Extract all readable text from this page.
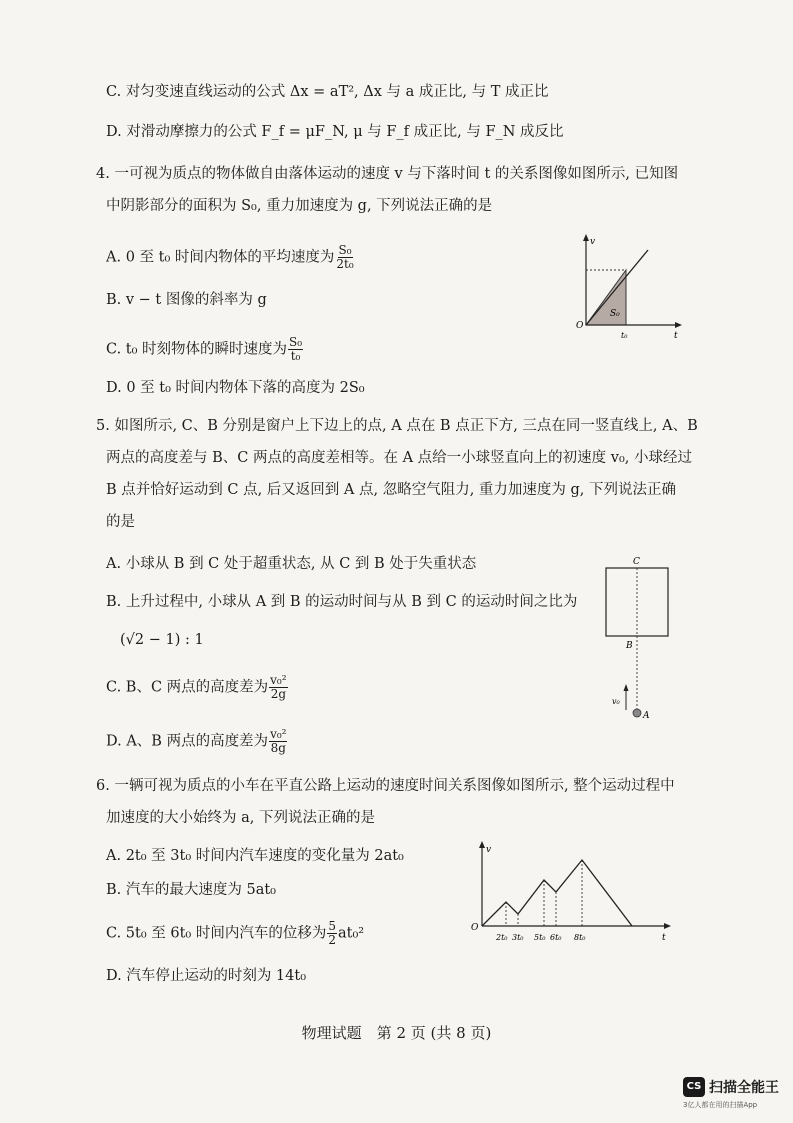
C. 对匀变速直线运动的公式 Δx = aT², Δx 与 a 成正比, 与 T 成正比
D. 对滑动摩擦力的公式 F_f = μF_N, μ 与 F_f 成正比, 与 F_N 成反比
4. 一可视为质点的物体做自由落体运动的速度 v 与下落时间 t 的关系图像如图所示, 已知图
中阴影部分的面积为 S₀, 重力加速度为 g, 下列说法正确的是
A. 0 至 t₀ 时间内物体的平均速度为 $\frac{\text{S₀}}{\text{2t₀}}$
B. v − t 图像的斜率为 g
C. t₀ 时刻物体的瞬时速度为 $\frac{\text{S₀}}{\text{t₀}}$
D. 0 至 t₀ 时间内物体下落的高度为 2S₀
v
t
O
S₀
t₀
5. 如图所示, C、B 分别是窗户上下边上的点, A 点在 B 点正下方, 三点在同一竖直线上, A、B
两点的高度差与 B、C 两点的高度差相等。在 A 点给一小球竖直向上的初速度 v₀, 小球经过
B 点并恰好运动到 C 点, 后又返回到 A 点, 忽略空气阻力, 重力加速度为 g, 下列说法正确
的是
A. 小球从 B 到 C 处于超重状态, 从 C 到 B 处于失重状态
B. 上升过程中, 小球从 A 到 B 的运动时间与从 B 到 C 的运动时间之比为
(√2 − 1) : 1
C. B、C 两点的高度差为 $\frac{\text{v₀²}}{2g}$
D. A、B 两点的高度差为 $\frac{\text{v₀²}}{8g}$
C
B
A
v₀
6. 一辆可视为质点的小车在平直公路上运动的速度时间关系图像如图所示, 整个运动过程中
加速度的大小始终为 a, 下列说法正确的是
A. 2t₀ 至 3t₀ 时间内汽车速度的变化量为 2at₀
B. 汽车的最大速度为 5at₀
C. 5t₀ 至 6t₀ 时间内汽车的位移为 $\frac{5}{2} at_0^2$
D. 汽车停止运动的时刻为 14t₀
v
t
O
2t₀ 3t₀ 5t₀ 6t₀ 8t₀
物理试题　第 2 页 (共 8 页)
CS 扫描全能王
3亿人都在用的扫描App
